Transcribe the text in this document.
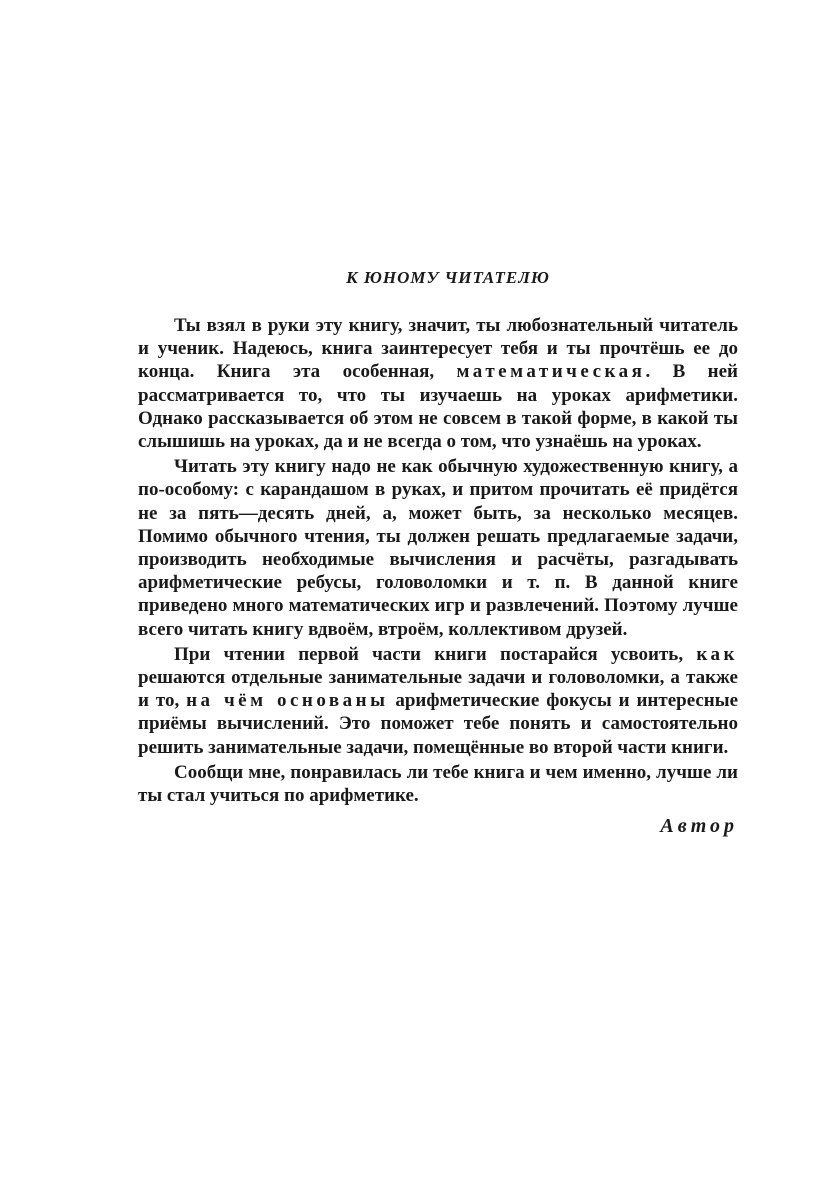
К ЮНОМУ ЧИТАТЕЛЮ

Ты взял в руки эту книгу, значит, ты любознательный читатель и ученик. Надеюсь, книга заинтересует тебя и ты прочтёшь ее до конца. Книга эта особенная, математическая. В ней рассматривается то, что ты изучаешь на уроках арифметики. Однако рассказывается об этом не совсем в такой форме, в какой ты слышишь на уроках, да и не всегда о том, что узнаёшь на уроках.

Читать эту книгу надо не как обычную художественную книгу, а по-особому: с карандашом в руках, и притом прочитать её придётся не за пять—десять дней, а, может быть, за несколько месяцев. Помимо обычного чтения, ты должен решать предлагаемые задачи, производить необходимые вычисления и расчёты, разгадывать арифметические ребусы, головоломки и т. п. В данной книге приведено много математических игр и развлечений. Поэтому лучше всего читать книгу вдвоём, втроём, коллективом друзей.

При чтении первой части книги постарайся усвоить, как решаются отдельные занимательные задачи и головоломки, а также и то, на чём основаны арифметические фокусы и интересные приёмы вычислений. Это поможет тебе понять и самостоятельно решить занимательные задачи, помещённые во второй части книги.

Сообщи мне, понравилась ли тебе книга и чем именно, лучше ли ты стал учиться по арифметике.

Автор
